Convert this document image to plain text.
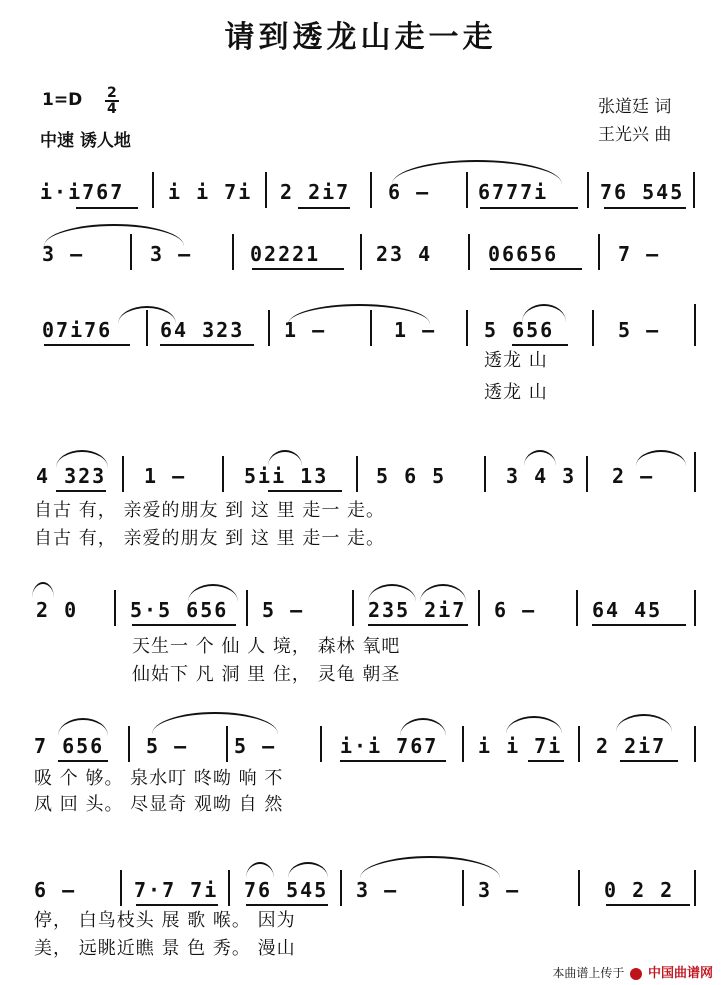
请到透龙山走一走
$1=D \frac{2}{4}$
中速 诱人地
张道廷 词
王光兴 曲
i·i767 i i 7i 2 2i7 6 – 6777i	76 545
3 –	3 –	02221	23 4	06656	7 –
07i76 64 323 1 –	1 – 5 656	5 –
透龙 山
透龙 山
4 323 1 –	5ii 13 5 6 5	3 4 3 2 –
自古 有， 亲爱的朋友 到 这 里 走一 走。
自古 有， 亲爱的朋友 到 这 里 走一 走。
2 0	5·5 656 5 –	235 2i7 6 –	64 45
天生一 个 仙 人 境， 森林 氧吧
仙姑下 凡 洞 里 住， 灵龟 朝圣
7 656 5 – 5 –	i·i 767 i i 7i 2 2i7
吸 个 够。 泉水叮 咚呦 响 不
凤 回 头。 尽显奇 观呦 自 然
6 –	7·7 7i 76 545 3 –	3 –	0 2 2
停， 白鸟枝头 展 歌 喉。 因为
美， 远眺近瞧 景 色 秀。 漫山
本曲谱上传于 中国曲谱网
